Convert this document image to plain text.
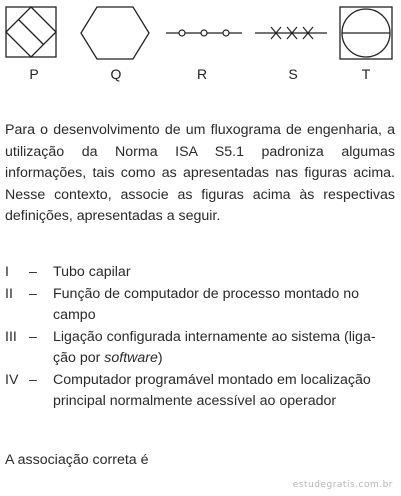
P	Q	R	S	T
Para o desenvolvimento de um fluxograma de engenharia, a utilização da Norma ISA S5.1 padroniza algumas informações, tais como as apresentadas nas figuras acima. Nesse contexto, associe as figuras acima às respectivas definições, apresentadas a seguir.
I	–	Tubo capilar
II	–	Função de computador de processo montado no campo
III –	Ligação configurada internamente ao sistema (liga-ção por software)
IV –	Computador programável montado em localização principal normalmente acessível ao operador
A associação correta é
estudegratis.com.br
